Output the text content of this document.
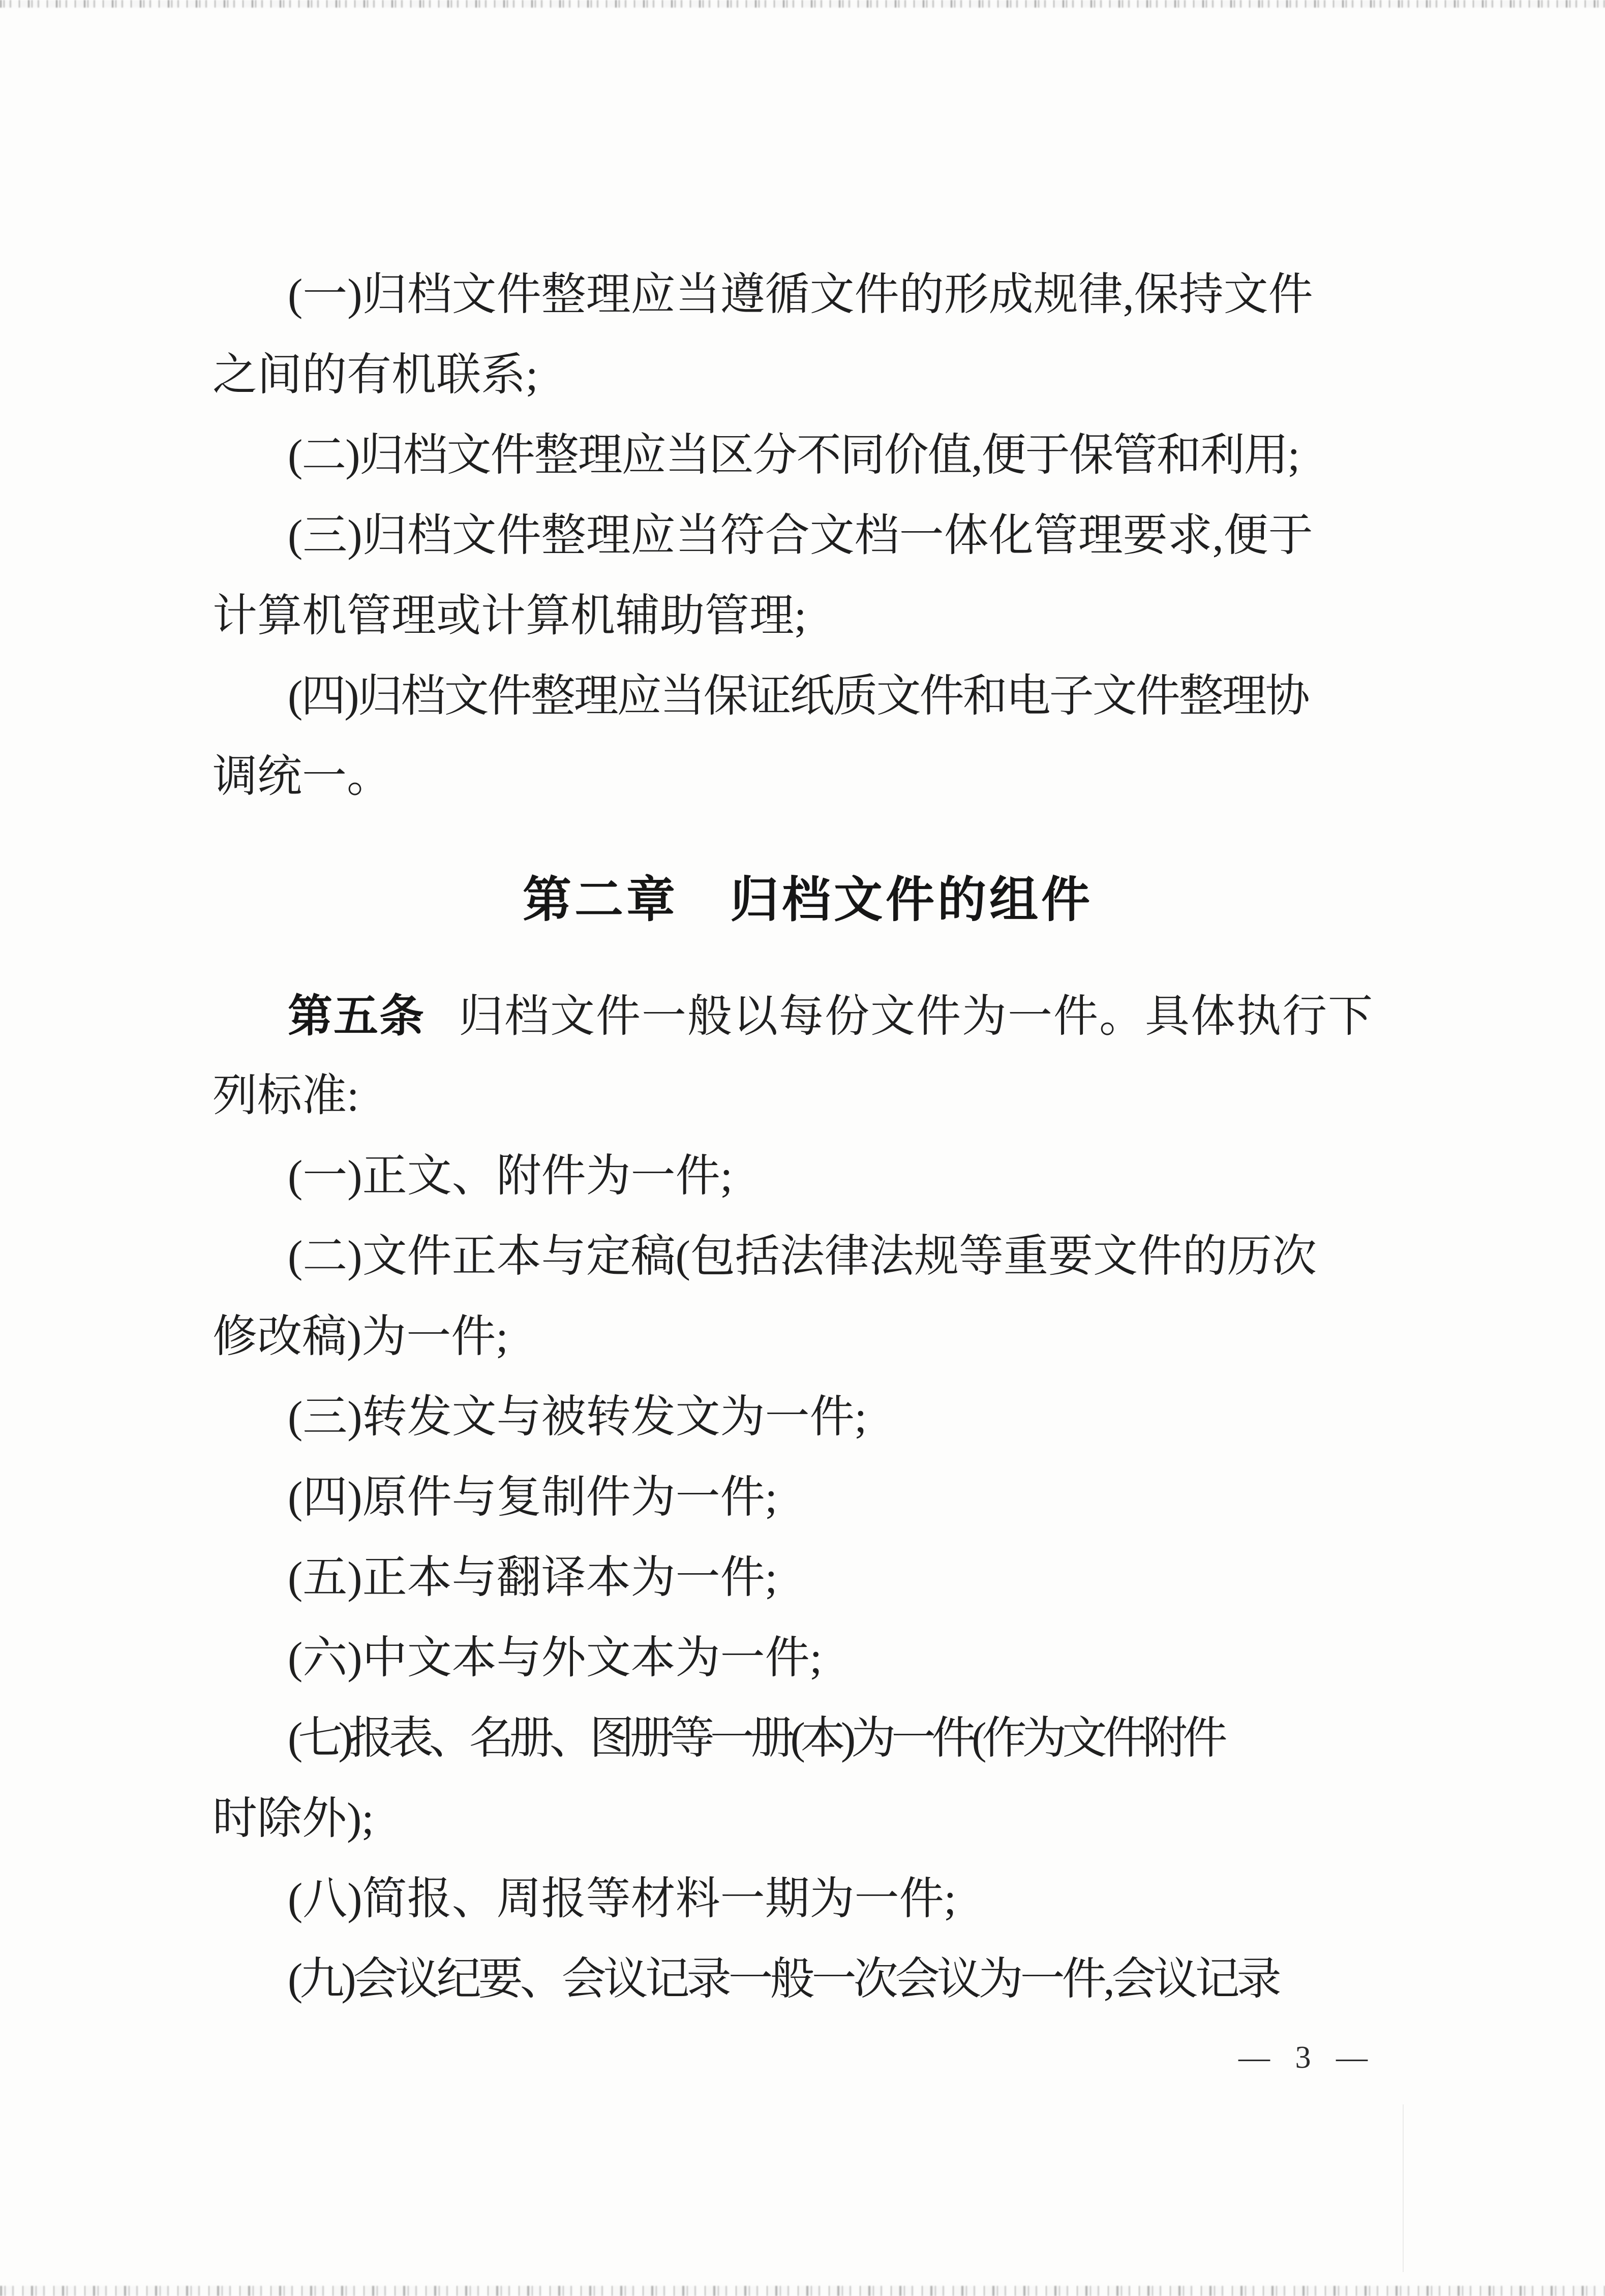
(一)归档文件整理应当遵循文件的形成规律,保持文件
之间的有机联系;
(二)归档文件整理应当区分不同价值,便于保管和利用;
(三)归档文件整理应当符合文档一体化管理要求,便于
计算机管理或计算机辅助管理;
(四)归档文件整理应当保证纸质文件和电子文件整理协
调统一。
第二章　归档文件的组件
第五条 归档文件一般以每份文件为一件。具体执行下
列标准:
(一)正文、附件为一件;
(二)文件正本与定稿(包括法律法规等重要文件的历次
修改稿)为一件;
(三)转发文与被转发文为一件;
(四)原件与复制件为一件;
(五)正本与翻译本为一件;
(六)中文本与外文本为一件;
(七)报表、名册、图册等一册(本)为一件(作为文件附件
时除外);
(八)简报、周报等材料一期为一件;
(九)会议纪要、会议记录一般一次会议为一件,会议记录
— 3 —
